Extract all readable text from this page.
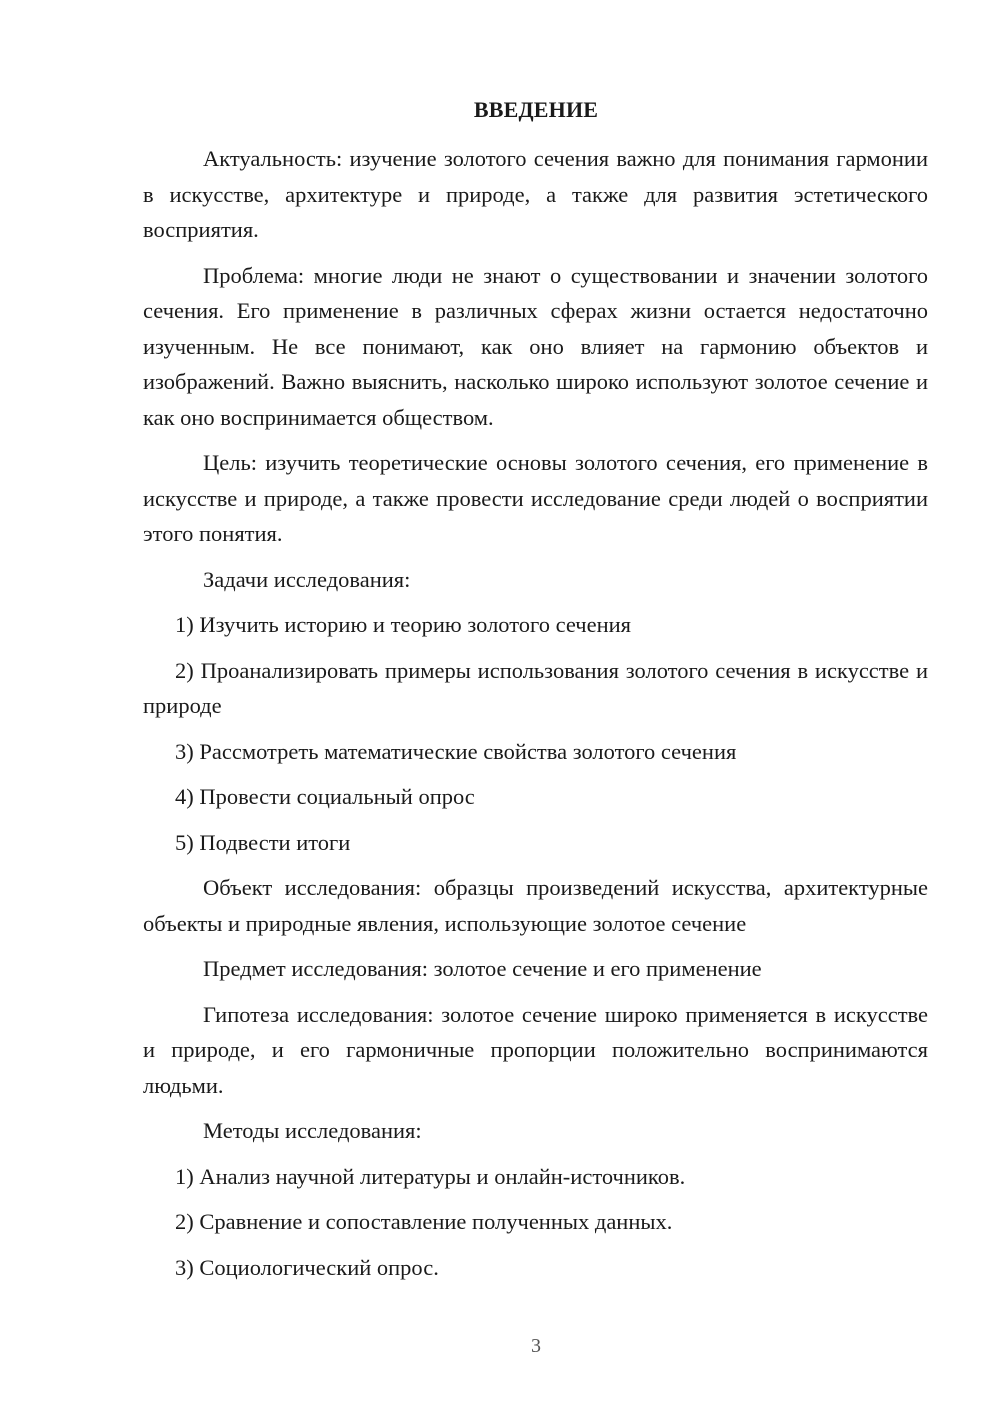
ВВЕДЕНИЕ

Актуальность: изучение золотого сечения важно для понимания гармонии в искусстве, архитектуре и природе, а также для развития эстетического восприятия.

Проблема: многие люди не знают о существовании и значении золотого сечения. Его применение в различных сферах жизни остается недостаточно изученным. Не все понимают, как оно влияет на гармонию объектов и изображений. Важно выяснить, насколько широко используют золотое сечение и как оно воспринимается обществом.

Цель: изучить теоретические основы золотого сечения, его применение в искусстве и природе, а также провести исследование среди людей о восприятии этого понятия.

Задачи исследования:

1) Изучить историю и теорию золотого сечения

2) Проанализировать примеры использования золотого сечения в искусстве и природе

3) Рассмотреть математические свойства золотого сечения

4) Провести социальный опрос

5) Подвести итоги

Объект исследования: образцы произведений искусства, архитектурные объекты и природные явления, использующие золотое сечение

Предмет исследования: золотое сечение и его применение

Гипотеза исследования: золотое сечение широко применяется в искусстве и природе, и его гармоничные пропорции положительно воспринимаются людьми.

Методы исследования:

1) Анализ научной литературы и онлайн-источников.

2) Сравнение и сопоставление полученных данных.

3) Социологический опрос.

3
